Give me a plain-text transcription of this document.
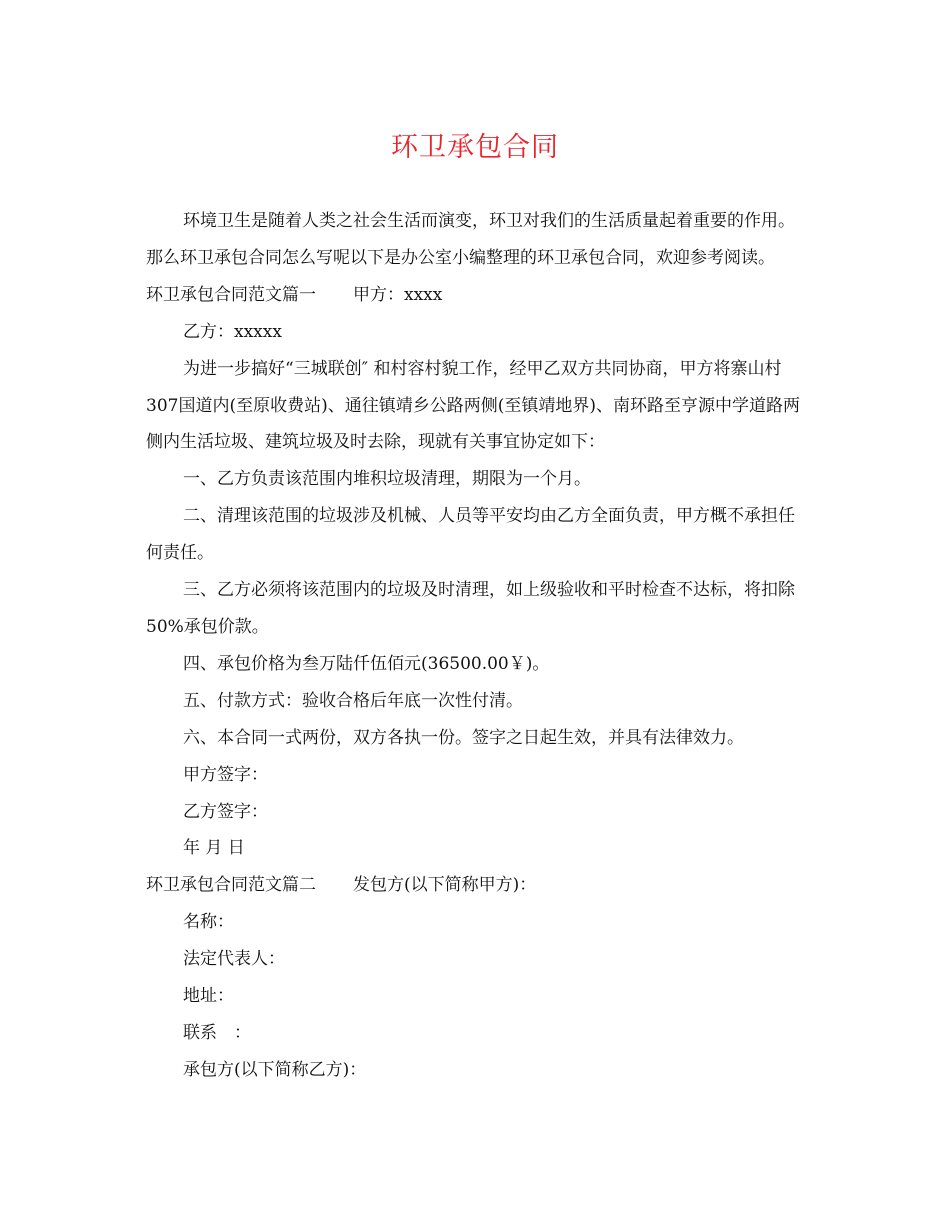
环卫承包合同

环境卫生是随着人类之社会生活而演变，环卫对我们的生活质量起着重要的作用。那么环卫承包合同怎么写呢以下是办公室小编整理的环卫承包合同，欢迎参考阅读。

环卫承包合同范文篇一 甲方：xxxx

乙方：xxxxx

为进一步搞好“三城联创″ 和村容村貌工作，经甲乙双方共同协商，甲方将寨山村307国道内(至原收费站)、通往镇靖乡公路两侧(至镇靖地界)、南环路至亨源中学道路两侧内生活垃圾、建筑垃圾及时去除，现就有关事宜协定如下：

一、乙方负责该范围内堆积垃圾清理，期限为一个月。

二、清理该范围的垃圾涉及机械、人员等平安均由乙方全面负责，甲方概不承担任何责任。

三、乙方必须将该范围内的垃圾及时清理，如上级验收和平时检查不达标，将扣除50%承包价款。

四、承包价格为叁万陆仟伍佰元(36500.00￥)。

五、付款方式：验收合格后年底一次性付清。

六、本合同一式两份，双方各执一份。签字之日起生效，并具有法律效力。

甲方签字：

乙方签字：

年 月 日

环卫承包合同范文篇二 发包方(以下简称甲方)：

名称：

法定代表人：

地址：

联系　：

承包方(以下简称乙方)：
